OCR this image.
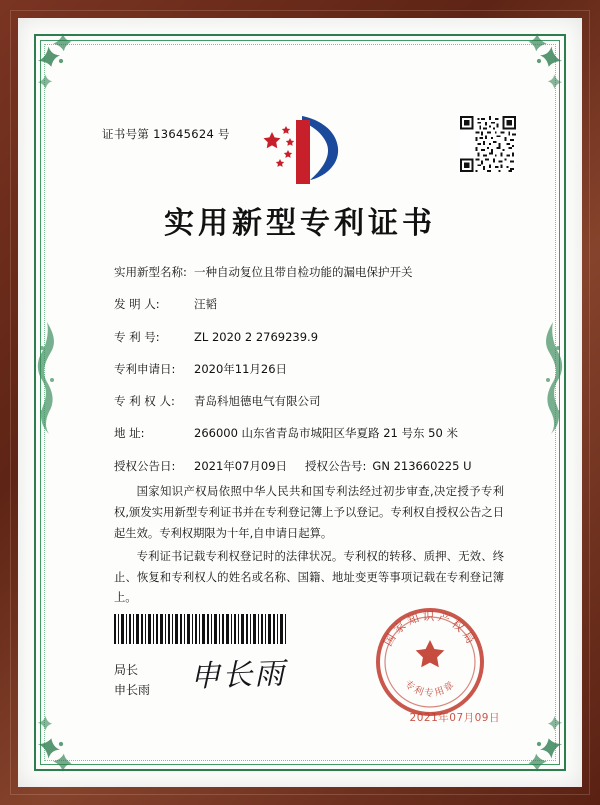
证书号第 13645624 号
实用新型专利证书
实用新型名称: 一种自动复位且带自检功能的漏电保护开关
发 明 人:	汪韬
专 利 号:	ZL 2020 2 2769239.9
专利申请日:	2020年11月26日
专 利 权 人:	青岛科旭德电气有限公司
地 址:	266000 山东省青岛市城阳区华夏路 21 号东 50 米
授权公告日:	2021年07月09日	授权公告号: GN 213660225 U

国家知识产权局依照中华人民共和国专利法经过初步审查,决定授予专利权,颁发实用新型专利证书并在专利登记簿上予以登记。专利权自授权公告之日起生效。专利权期限为十年,自申请日起算。

专利证书记载专利权登记时的法律状况。专利权的转移、质押、无效、终止、恢复和专利权人的姓名或名称、国籍、地址变更等事项记载在专利登记簿上。

申长雨
局长
申长雨
国家知识产权局
专利专用章
2021年07月09日
